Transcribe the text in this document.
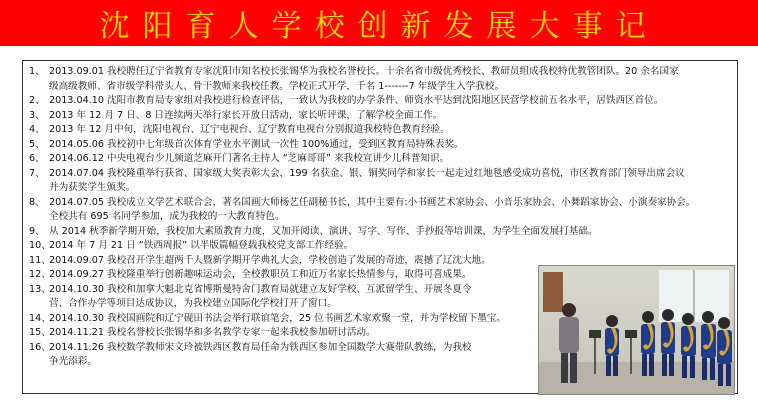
沈阳育人学校创新发展大事记
1、 2013.09.01 我校聘任辽宁省教育专家沈阳市知名校长张锡华为我校名誉校长。十余名省市级优秀校长、教研员组成我校特优教管团队。20 余名国家
级高级教师、省市级学科带头人、骨干教师来我校任教。学校正式开学，千名 1-------7 年级学生入学我校。
2、 2013.04.10 沈阳市教育局专家组对我校进行检查评估，一致认为我校的办学条件、师资水平达到沈阳地区民营学校前五名水平，居铁西区首位。
3、 2013 年 12 月 7 日、8 日连续两天举行家长开放日活动，家长听评课，了解学校全面工作。
4、 2013 年 12 月中旬，沈阳电视台、辽宁电视台、辽宁教育电视台分别报道我校特色教育经验。
5、 2014.05.06 我校初中七年级首次体育学业水平测试一次性 100%通过，受到区教育局特殊表奖。
6、 2014.06.12 中央电视台少儿频道芝麻开门著名主持人 “芝麻哥哥” 来我校宣讲少儿科普知识。
7、 2014.07.04 我校隆重举行获省、国家级大奖表彰大会，199 名获金、银、铜奖同学和家长一起走过红地毯感受成功喜悦，市区教育部门领导出席会议
并为获奖学生颁奖。
8、 2014.07.05 我校成立文学艺术联合会，著名国画大师杨艺任副秘书长，其中主要有:小书画艺术家协会、小音乐家协会、小舞蹈家协会、小演奏家协会。
全校共有 695 名同学参加，成为我校的一大教育特色。
9、 从 2014 秋季新学期开始，我校加大素质教育力度，又加开阅读、演讲、写字、写作、手抄报等培训课，为学生全面发展打基础。
10、
2014 年 7 月 21 日 “铁西周报” 以半版篇幅登载我校党支部工作经验。
11、
2014.09.07 我校召开学生超两千人暨新学期开学典礼大会，学校创造了发展的奇迹，震撼了辽沈大地。
12、
2014.09.27 我校隆重举行创新趣味运动会，全校教职员工和近万名家长热情参与，取得可喜成果。
13、
2014.10.30 我校和加拿大魁北克省博斯曼特舍门教育局就建立友好学校、互派留学生、开展冬夏令
营、合作办学等项目达成协议，为我校建立国际化学校打开了窗口。
14、
2014.10.30 我校国画院和辽宁砚田书法会举行联谊笔会，25 位书画艺术家欢聚一堂，并为学校留下墨宝。
15、
2014.11.21 我校名誉校长张锡华和多名教学专家一起来我校参加研讨活动。
16、
2014.11.26 我校数学教师宋文玲被铁西区教育局任命为铁西区参加全国数学大赛带队教练，为我校
争光添彩。
